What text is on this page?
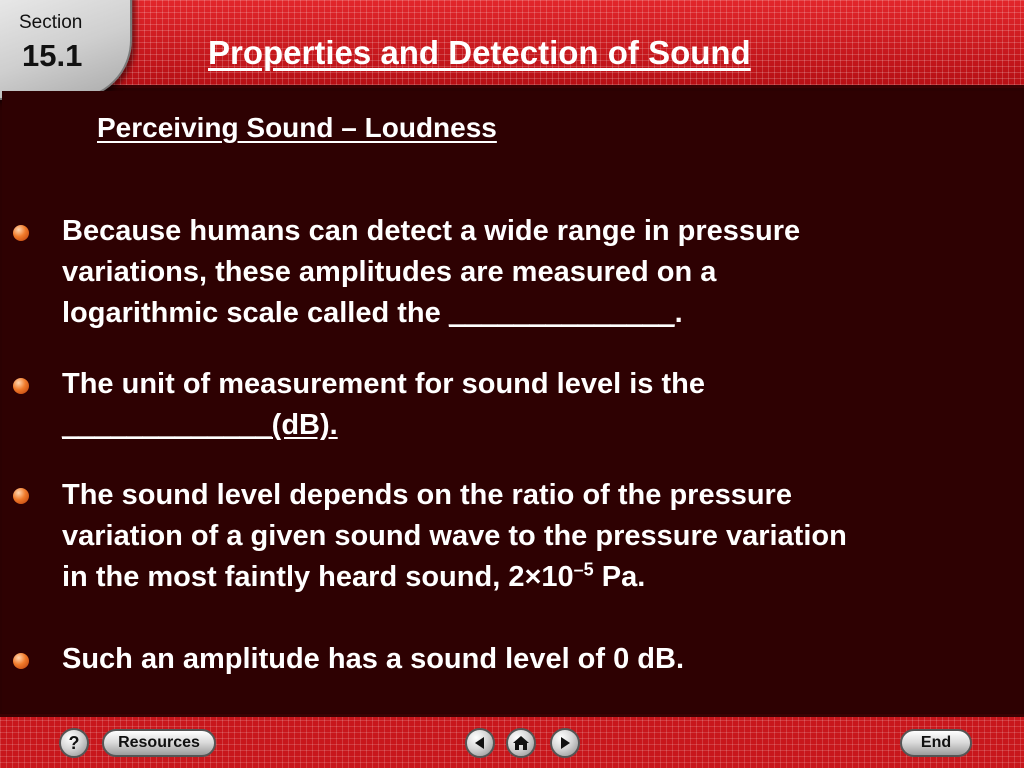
Section
15.1	Properties and Detection of Sound
Perceiving Sound – Loudness
Because humans can detect a wide range in pressure
variations, these amplitudes are measured on a
logarithmic scale called the ______________.
The unit of measurement for sound level is the
_____________(dB).
The sound level depends on the ratio of the pressure
variation of a given sound wave to the pressure variation
in the most faintly heard sound, $2\times 10^{-5}$ Pa.
Such an amplitude has a sound level of 0 dB.
? Resources	End
